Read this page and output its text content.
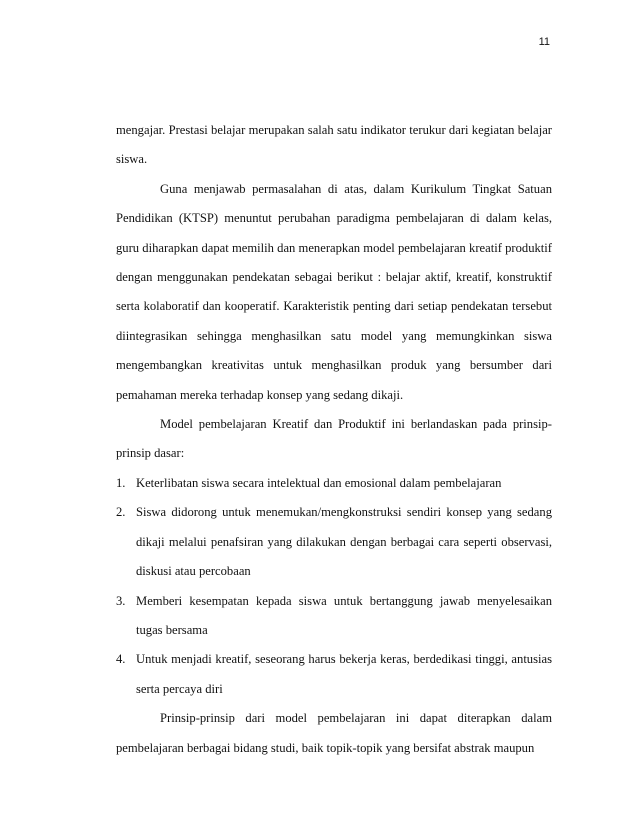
11

mengajar. Prestasi belajar merupakan salah satu indikator terukur dari kegiatan belajar siswa.

Guna menjawab permasalahan di atas, dalam Kurikulum Tingkat Satuan Pendidikan (KTSP) menuntut perubahan paradigma pembelajaran di dalam kelas, guru diharapkan dapat memilih dan menerapkan model pembelajaran kreatif produktif dengan menggunakan pendekatan sebagai berikut : belajar aktif, kreatif, konstruktif serta kolaboratif dan kooperatif. Karakteristik penting dari setiap pendekatan tersebut diintegrasikan sehingga menghasilkan satu model yang memungkinkan siswa mengembangkan kreativitas untuk menghasilkan produk yang bersumber dari pemahaman mereka terhadap konsep yang sedang dikaji.

Model pembelajaran Kreatif dan Produktif ini berlandaskan pada prinsip-prinsip dasar:

1. Keterlibatan siswa secara intelektual dan emosional dalam pembelajaran
2. Siswa didorong untuk menemukan/mengkonstruksi sendiri konsep yang sedang dikaji melalui penafsiran yang dilakukan dengan berbagai cara seperti observasi, diskusi atau percobaan
3. Memberi kesempatan kepada siswa untuk bertanggung jawab menyelesaikan tugas bersama
4. Untuk menjadi kreatif, seseorang harus bekerja keras, berdedikasi tinggi, antusias serta percaya diri

Prinsip-prinsip dari model pembelajaran ini dapat diterapkan dalam pembelajaran berbagai bidang studi, baik topik-topik yang bersifat abstrak maupun
